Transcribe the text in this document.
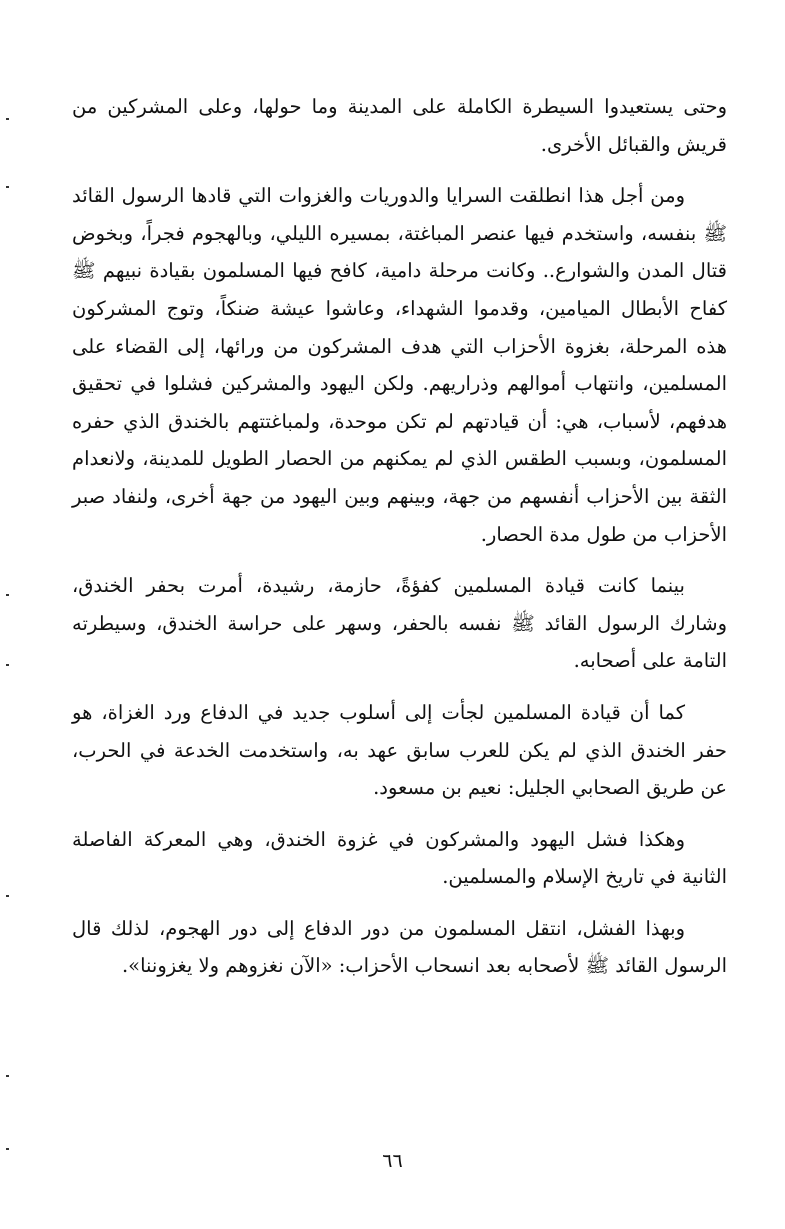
وحتى يستعيدوا السيطرة الكاملة على المدينة وما حولها، وعلى المشركين من قريش والقبائل الأخرى.

ومن أجل هذا انطلقت السرايا والدوريات والغزوات التي قادها الرسول القائد ﷺ بنفسه، واستخدم فيها عنصر المباغتة، بمسيره الليلي، وبالهجوم فجراً، وبخوض قتال المدن والشوارع.. وكانت مرحلة دامية، كافح فيها المسلمون بقيادة نبيهم ﷺ كفاح الأبطال الميامين، وقدموا الشهداء، وعاشوا عيشة ضنكاً، وتوج المشركون هذه المرحلة، بغزوة الأحزاب التي هدف المشركون من ورائها، إلى القضاء على المسلمين، وانتهاب أموالهم وذراريهم. ولكن اليهود والمشركين فشلوا في تحقيق هدفهم، لأسباب، هي: أن قيادتهم لم تكن موحدة، ولمباغتتهم بالخندق الذي حفره المسلمون، وبسبب الطقس الذي لم يمكنهم من الحصار الطويل للمدينة، ولانعدام الثقة بين الأحزاب أنفسهم من جهة، وبينهم وبين اليهود من جهة أخرى، ولنفاد صبر الأحزاب من طول مدة الحصار.

بينما كانت قيادة المسلمين كفؤةً، حازمة، رشيدة، أمرت بحفر الخندق، وشارك الرسول القائد ﷺ نفسه بالحفر، وسهر على حراسة الخندق، وسيطرته التامة على أصحابه.

كما أن قيادة المسلمين لجأت إلى أسلوب جديد في الدفاع ورد الغزاة، هو حفر الخندق الذي لم يكن للعرب سابق عهد به، واستخدمت الخدعة في الحرب، عن طريق الصحابي الجليل: نعيم بن مسعود.

وهكذا فشل اليهود والمشركون في غزوة الخندق، وهي المعركة الفاصلة الثانية في تاريخ الإسلام والمسلمين.

وبهذا الفشل، انتقل المسلمون من دور الدفاع إلى دور الهجوم، لذلك قال الرسول القائد ﷺ لأصحابه بعد انسحاب الأحزاب: «الآن نغزوهم ولا يغزوننا».

٦٦
